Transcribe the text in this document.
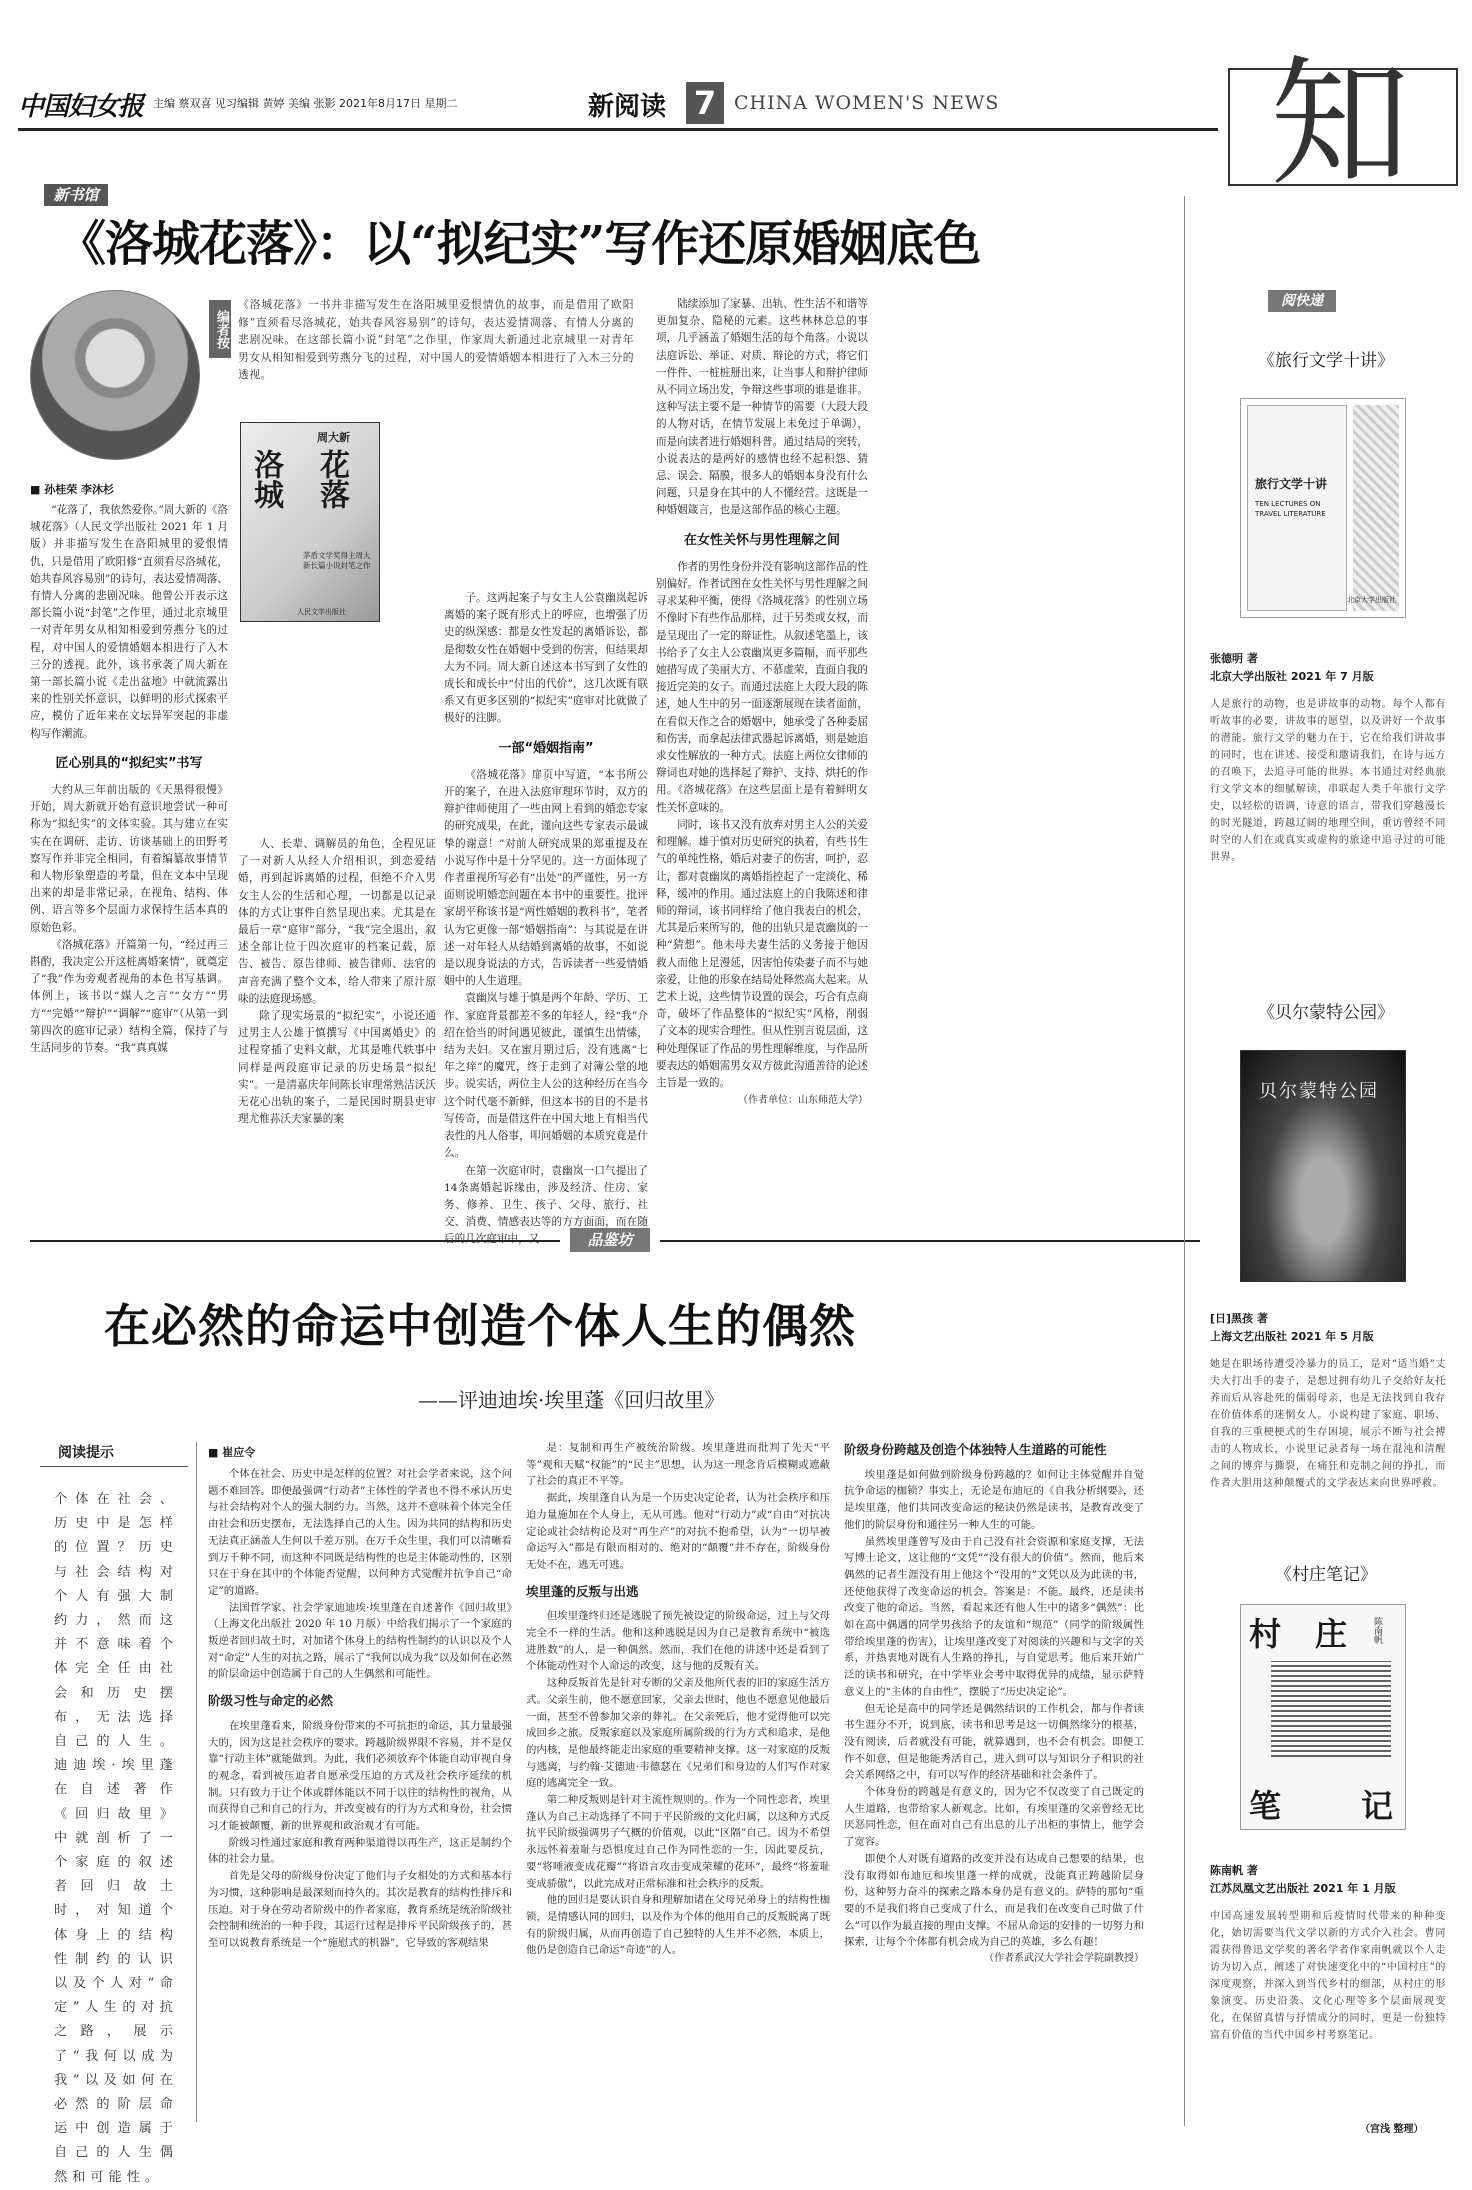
中国妇女报 主编 蔡双喜 见习编辑 黄婷 美编 张影 2021年8月17日 星期二	新阅读 7 CHINA WOMEN'S NEWS 知
新书馆
《洛城花落》：以“拟纪实”写作还原婚姻底色
编者按
《洛城花落》一书并非描写发生在洛阳城里爱恨情仇的故事，而是借用了欧阳修“直须看尽洛城花，始共春风容易别”的诗句，表达爱情凋落、有情人分离的悲剧况味。在这部长篇小说“封笔”之作里，作家周大新通过北京城里一对青年男女从相知相爱到劳燕分飞的过程，对中国人的爱情婚姻本相进行了入木三分的透视。
■ 孙桂荣 李沐杉

“花落了，我依然爱你。”周大新的《洛城花落》（人民文学出版社 2021 年 1 月版）并非描写发生在洛阳城里的爱恨情仇，只是借用了欧阳修“直须看尽洛城花，始共春风容易别”的诗句，表达爱情凋落、有情人分离的悲剧况味。他曾公开表示这部长篇小说“封笔”之作里，通过北京城里一对青年男女从相知相爱到劳燕分飞的过程，对中国人的爱情婚姻本相进行了入木三分的透视。此外，该书承袭了周大新在第一部长篇小说《走出盆地》中就流露出来的性别关怀意识，以鲜明的形式探索平应，模仿了近年来在文坛异军突起的非虚构写作潮流。

匠心别具的“拟纪实”书写

大约从三年前出版的《天黑得很慢》开始，周大新就开始有意识地尝试一种可称为“拟纪实”的文体实验。其与建立在实实在在调研、走访、访谈基础上的田野考察写作并非完全相同，有着编纂故事情节和人物形象塑造的考量，但在文本中呈现出来的却是非常记录，在视角、结构、体例、语言等多个层面力求保持生活本真的原始色彩。

《洛城花落》开篇第一句，“经过再三斟酌，我决定公开这桩离婚案情”，就奠定了“我”作为旁观者视角的本色书写基调。体例上，该书以“媒人之言”“女方”“男方”“完婚”“辩护”“调解”“庭审”（从第一到第四次的庭审记录）结构全篇，保持了与生活同步的节奏。“我”真真媒

周大新
洛城 花落
茅盾文学奖得主周大新长篇小说封笔之作
人民文学出版社

人、长辈、调解员的角色，全程见证了一对新人从经人介绍相识，到恋爱结婚，再到起诉离婚的过程，但绝不介入男女主人公的生活和心理，一切都是以记录体的方式让事件自然呈现出来。尤其是在最后一章“庭审”部分，“我”完全退出，叙述全部让位于四次庭审的档案记载，原告、被告、原告律师、被告律师、法官的声音充满了整个文本，给人带来了原汁原味的法庭现场感。

除了现实场景的“拟纪实”，小说还通过男主人公雄于慎撰写《中国离婚史》的过程穿插了史料文献，尤其是唯代轶事中同样是两段庭审记录的历史场景“拟纪实”。一是清嘉庆年间陈长审理常熟洁沃沃无花心出轨的案子，二是民国时期县吏审理尤惟荪沃夫家暴的案

子。这两起案子与女主人公袁幽岚起诉离婚的案子既有形式上的呼应，也增强了历史的纵深感：都是女性发起的离婚诉讼，都是彻数女性在婚姻中受到的伤害，但结果却大为不同。周大新自述这本书写到了女性的成长和成长中“付出的代价”，这几次既有联系又有更多区别的“拟纪实”庭审对比就做了极好的注脚。

一部“婚姻指南”

《洛城花落》扉页中写道，“本书所公开的案子，在进入法庭审理环节时，双方的辩护律师使用了一些由网上看到的婚恋专家的研究成果，在此，谨向这些专家表示最诚挚的谢意！”对前人研究成果的郑重提及在小说写作中是十分罕见的。这一方面体现了作者重视所写必有“出处”的严谨性，另一方面则说明婚恋问题在本书中的重要性。批评家胡平称该书是“两性婚姻的教科书”，笔者认为它更像一部“婚姻指南”：与其说是在讲述一对年轻人从结婚到离婚的故事，不如说是以现身说法的方式，告诉读者一些爱情婚姻中的人生道理。

袁幽岚与雄于慎是两个年龄、学历、工作、家庭背景都差不多的年轻人，经“我”介绍在恰当的时间遇见彼此，谨慎生出情愫，结为夫妇。又在蜜月期过后，没有逃离“七年之痒”的魔咒，终于走到了对簿公堂的地步。说实话，两位主人公的这种经历在当今这个时代毫不新鲜，但这本书的目的不是书写传奇，而是借这件在中国大地上有相当代表性的凡人俗事，叩问婚姻的本质究竟是什么。

在第一次庭审时，袁幽岚一口气提出了14条离婚起诉缘由，涉及经济、住房、家务、修养、卫生、孩子、父母、旅行、社交、消费、情感表达等的方方面面，而在随

陆续添加了家暴、出轨、性生活不和谐等更加复杂、隐秘的元素。这些林林总总的事项，几乎涵盖了婚姻生活的每个角落。小说以法庭诉讼、举证、对质、辩论的方式，将它们一件件、一桩桩掰出来，让当事人和辩护律师从不同立场出发，争辩这些事项的谁是谁非。这种写法主要不是一种情节的需要（大段大段的人物对话，在情节发展上未免过于单调），而是向读者进行婚姻科普。通过结局的突转，小说表达的是两好的感情也经不起积怨、猜忌、误会、隔膜，很多人的婚姻本身没有什么问题，只是身在其中的人不懂经营。这既是一种婚姻箴言，也是这部作品的核心主题。

在女性关怀与男性理解之间

作者的男性身份并没有影响这部作品的性别偏好。作者试图在女性关怀与男性理解之间寻求某种平衡，使得《洛城花落》的性别立场不像时下有些作品那样，过于另类或女权，而是呈现出了一定的辩证性。从叙述笔墨上，该书给予了女主人公袁幽岚更多篇幅，而平那些她措写成了美丽大方、不慕虚荣，直面自我的接近完美的女子。而通过法庭上大段大段的陈述，她人生中的另一面逐渐展现在读者面前，在看似天作之合的婚姻中，她承受了各种委屈和伤害，而拿起法律武器起诉离婚，则是她追求女性解放的一种方式。法庭上两位女律师的辩词也对她的选择起了辩护、支持、烘托的作用。《洛城花落》在这些层面上是有着鲜明女性关怀意味的。

同时，该书又没有放弃对男主人公的关爱和理解。雄于慎对历史研究的执着，有些书生气的单纯性格，婚后对妻子的伤害，呵护，忍让，都对袁幽岚的离婚指控起了一定淡化、稀释，缓冲的作用。通过法庭上的自我陈述和律师的辩词，该书同样给了他自我表白的机会，尤其是后来所写的，他的出轨只是袁幽岚的一种“猜想”。他未母夫妻生活的义务接于他因救人而他上足漫延，因害怕传染妻子而不与她亲爱，让他的形象在结局处释然高大起来。从艺术上说，这些情节设置的误会，巧合有点商奇，破坏了作品整体的“拟纪实”风格，削弱了文本的现实合理性。但从性别言说层面，这种处理保证了作品的男性理解维度，与作品所要表达的婚姻需男女双方彼此沟通善待的论述主旨是一致的。

（作者单位：山东师范大学）
品鉴坊
在必然的命运中创造个体人生的偶然
——评迪迪埃·埃里蓬《回归故里》
阅读提示
个体在社会、历史中是怎样的位置？历史与社会结构对个人有强大制约力，然而这并不意味着个体完全任由社会和历史摆布，无法选择自己的人生。迪迪埃·埃里蓬在自述著作《回归故里》中就剖析了一个家庭的叙述者回归故土时，对知道个体身上的结构性制约的认识以及个人对“命定”人生的对抗之路，展示了“我何以成为我”以及如何在必然的阶层命运中创造属于自己的人生偶然和可能性。
■ 崔应令

个体在社会、历史中是怎样的位置？对社会学者来说，这个问题不难回答。即便最强调“行动者”主体性的学者也不得不承认历史与社会结构对个人的强大制约力。当然，这并不意味着个体完全任由社会和历史摆布，无法选择自己的人生。因为共同的结构和历史无法真正涵盖人生何以千差万别。在万千众生里，我们可以清晰看到万千种不同，而这种不同既是结构性的也是主体能动性的，区别只在于身在其中的个体能否觉醒，以何种方式觉醒并抗争自己“命定”的道路。

法国哲学家、社会学家迪迪埃·埃里蓬在自述著作《回归故里》（上海文化出版社 2020 年 10 月版）中给我们揭示了一个家庭的叛逆者回归故土时，对加诸个体身上的结构性制约的认识以及个人对“命定”人生的对抗之路，展示了“我何以成为我”以及如何在必然的阶层命运中创造属于自己的人生偶然和可能性。

阶级习性与命定的必然

在埃里蓬看来，阶级身份带来的不可抗拒的命运，其力量最强大的，因为这是社会秩序的要求。跨越阶级界限不容易，并不是仅靠“行动主体”就能做到。为此，我们必须放弃个体能自动审视自身的观念，看到被压迫者自愿承受压迫的方式及社会秩序延续的机制。只有致力于让个体或群体能以不同于以往的结构性的视角，从而获得自己和自己的行为，并改变被有的行为方式和身份，社会惯习才能被颠覆，新的世界观和政治观才有可能。

阶级习性通过家庭和教育两种渠道得以再生产，这正是制约个体的社会力量。

首先是父母的阶级身份决定了他们与子女相处的方式和基本行为习惯，这种影响是最深刻而持久的。其次是教育的结构性排斥和压迫。对于身在劳动者阶级中的作者家庭，教育系统是统治阶级社会控制和统治的一种手段，其运行过程是排斥平民阶级孩子的，甚至可以说教育系统是一个“施慰式的机器”，它导致的客观结果

是：复制和再生产被统治阶级。埃里蓬进而批判了先天“平等”观和天赋“权能”的“民主”思想，认为这一理念肯后模糊或遮蔽了社会的真正不平等。

据此，埃里蓬自认为是一个历史决定论者，认为社会秩序和压迫力量施加在个人身上，无从可逃。他对“行动力”或“自由”对抗决定论或社会结构论及对“再生产”的对抗不抱希望，认为“一切早被命运写入”都是有限而相对的、绝对的“颠覆”并不存在，阶级身份无处不在，逃无可逃。

埃里蓬的反叛与出逃

但埃里蓬终归还是逃脱了预先被设定的阶级命运，过上与父母完全不一样的生活。他和这种逃脱是因为自己是教育系统中“被选进胜数”的人，是一种偶然。然而，我们在他的讲述中还是看到了个体能动性对个人命运的改变，这与他的反叛有关。

这种反叛首先是针对专断的父亲及他所代表的旧的家庭生活方式。父亲生前，他不愿意回家，父亲去世时，他也不愿意见他最后一面，甚至不曾参加父亲的葬礼。在父亲死后，他才觉得他可以完成回乡之旅。反叛家庭以及家庭所属阶级的行为方式和追求，是他的内核，是他最终能走出家庭的重要精神支撑。这一对家庭的反叛与逃离，与约翰·艾德迪·韦德瑟在《兄弟们和身边的人们写作对家庭的逃离完全一致。

第二种反叛则是针对主流性规则的。作为一个同性恋者，埃里蓬认为自己主动选择了不同于平民阶级的文化归属，以这种方式反抗平民阶级强调男子气概的价值观，以此“区隔”自己。因为不希望永远怀着羞耻与恐惧度过自己作为同性恋的一生，因此要反抗，要“将唾液变成花瓣”“将语言攻击变成荣耀的花环”，最终“将羞耻变成骄傲”，以此完成对正常标准和社会秩序的反叛。

他的回归是要认识自身和理解加诸在父母兄弟身上的结构性枷锁，是情感认同的回归，以及作为个体的他用自己的反叛脱离了既有的阶级归属，从而再创造了自己独特的人生并不必然，本质上，他仍是创造自己命运“奇迹”的人。

阶级身份跨越及创造个体独特人生道路的可能性

埃里蓬是如何做到阶级身份跨越的？如何让主体觉醒并自觉抗争命运的枷锁？事实上，无论是布迪厄的《自我分析纲要》，还是埃里蓬，他们共同改变命运的秘诀仍然是读书，是教育改变了他们的阶层身份和通往另一种人生的可能。

虽然埃里蓬曾写及由于自己没有社会资源和家庭支撑，无法写博士论文，这让他的“文凭”“没有很大的价值”。然而，他后来偶然的记者生涯没有用上他这个“没用的”文凭以及为此读的书，还使他获得了改变命运的机会。答案是：不能。最终，还是读书改变了他的命运。当然，看起来还有他人生中的诸多“偶然”：比如在高中偶遇的同学男孩给予的友谊和“规范”（同学的阶级属性带给埃里蓬的伤害），让埃里蓬改变了对阅读的兴趣和与文字的关系，并热衷地对既有人生路的挣扎，与自觉思考。他后来开始广泛的读书和研究，在中学毕业会考中取得优异的成绩，显示萨特意义上的“主体的自由性”，摆脱了“历史决定论”。

但无论是高中的同学还是偶然结识的工作机会，都与作者读书生涯分不开，说到底，读书和思考是这一切偶然缘分的根基，没有阅读，后者就没有可能，就算遇到，也不会有机会。即便工作不如意，但是他能秀活自己，进入到可以与知识分子相识的社会关系网络之中，有可以写作的经济基础和社会条件了。

个体身份的跨越是有意义的，因为它不仅改变了自己既定的人生道路，也带给家人新观念。比如，有埃里蓬的父亲曾经无比厌恶同性恋，但在面对自己有出息的儿子出柜的事情上，他学会了宽容。

即便个人对既有道路的改变并没有达成自己想要的结果，也没有取得如布迪厄和埃里蓬一样的成就，没能真正跨越阶层身份，这种努力奋斗的探索之路本身仍是有意义的。萨特的那句“重要的不是我们将自己变成了什么，而是我们在改变自己时做了什么”可以作为最直接的理由支撑。不屈从命运的安排的一切努力和探索，让每个个体都有机会成为自己的英雄，多么有趣！

（作者系武汉大学社会学院副教授）
阅快递
《旅行文学十讲》
旅行文学十讲
TEN LECTURES ON TRAVEL LITERATURE
北京大学出版社
张德明 著
北京大学出版社 2021 年 7 月版
人是旅行的动物，也是讲故事的动物。每个人都有听故事的必要，讲故事的愿望，以及讲好一个故事的潜能。旅行文学的魅力在于，它在给我们讲故事的同时，也在讲述、接受和邀请我们，在诗与远方的召唤下，去追寻可能的世界。本书通过对经典旅行文学文本的细腻解读，串联起人类千年旅行文学史，以轻松的语调，诗意的语言，带我们穿越漫长的时光隧道，跨越辽阔的地理空间，重访曾经不同时空的人们在或真实或虚构的旅途中追寻过的可能世界。
《贝尔蒙特公园》
贝尔蒙特公园
[日]黑孩 著
上海文艺出版社 2021 年 5 月版
她是在职场待遭受冷暴力的员工，是对“适当婚”丈夫大打出手的妻子，是想过拥有幼儿子交给好友托养而后从容赴死的儒弱母亲，也是无法找到自我存在价值体系的迷惘女人。小说构建了家庭、职场、自我的三重梗梗式的生存困境，展示不断与社会搏击的人物成长，小说里记录者每一场在混沌和清醒之间的博弈与撕裂，在痛狂和克制之间的挣扎，而作者大胆用这种颠覆式的文学表达来向世界呼救。
《村庄笔记》
村 庄	陈南帆
笔 记
陈南帆 著
江苏凤凰文艺出版社 2021 年 1 月版
中国高速发展转型期和后疫情时代带来的种种变化，始切需要当代文学以新的方式介入社会。曹同霞获得鲁迅文学奖的著名学者作家南帆就以个人走访为切入点，阐述了对快速变化中的“中国村庄”的深度观察，并深入到当代乡村的细部，从村庄的形象演变、历史沿袭、文化心理等多个层面展现变化，在保留真情与抒情成分的同时，更是一份独特富有价值的当代中国乡村考察笔记。
（宫浅 整理）
